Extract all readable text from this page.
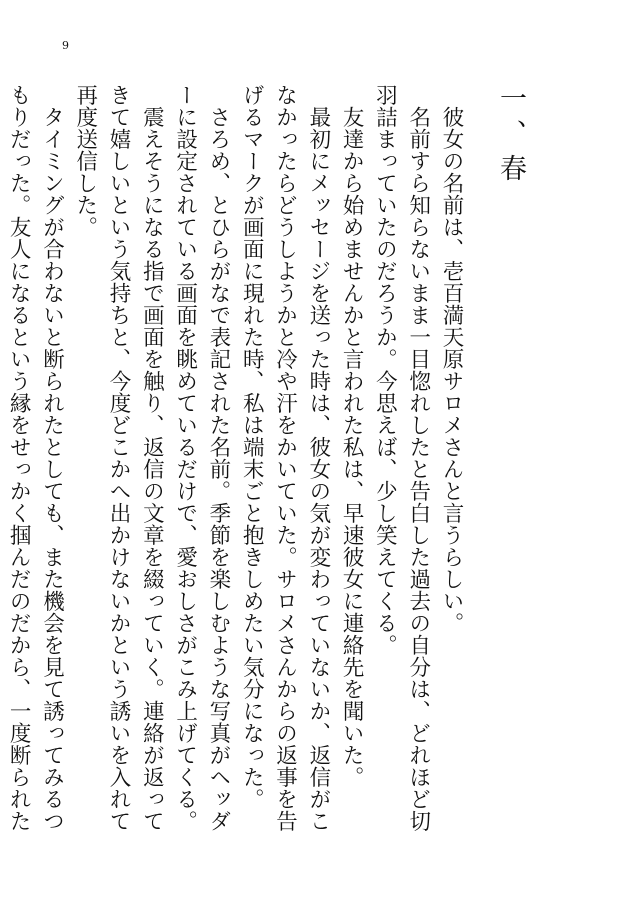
9
一、春

彼女の名前は、壱百満天原サロメさんと言うらしい。

名前すら知らないまま一目惚れしたと告白した過去の自分は、どれほど切羽詰まっていたのだろうか。今思えば、少し笑えてくる。

友達から始めませんかと言われた私は、早速彼女に連絡先を聞いた。

最初にメッセージを送った時は、彼女の気が変わっていないか、返信がこなかったらどうしようかと冷や汗をかいていた。サロメさんからの返事を告げるマークが画面に現れた時、私は端末ごと抱きしめたい気分になった。

さろめ、とひらがなで表記された名前。季節を楽しむような写真がヘッダーに設定されている画面を眺めているだけで、愛おしさがこみ上げてくる。

震えそうになる指で画面を触り、返信の文章を綴っていく。連絡が返ってきて嬉しいという気持ちと、今度どこかへ出かけないかという誘いを入れて再度送信した。

タイミングが合わないと断られたとしても、また機会を見て誘ってみるつもりだった。友人になるという縁をせっかく掴んだのだから、一度断られた
